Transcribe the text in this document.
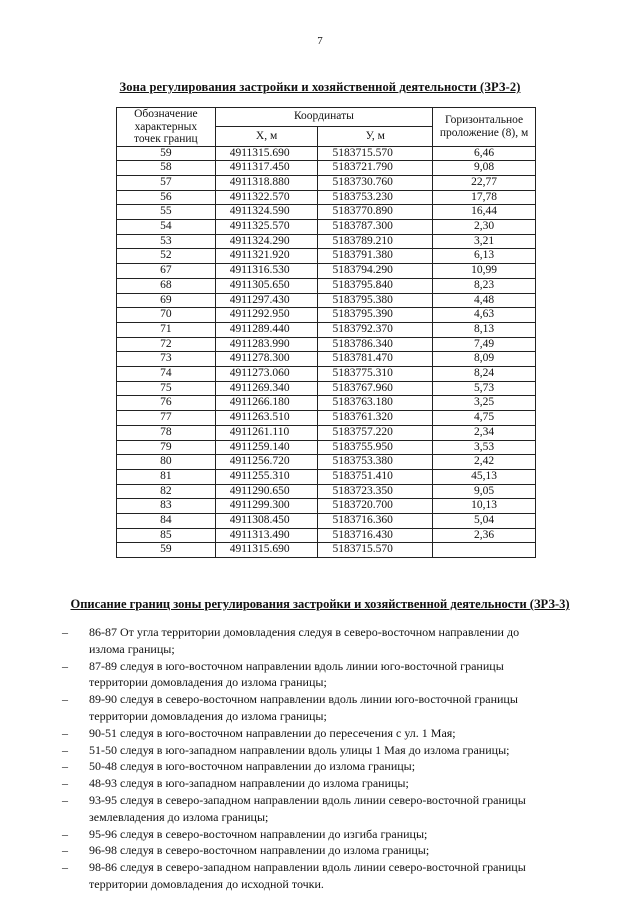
7
Зона регулирования застройки и хозяйственной деятельности (ЗРЗ-2)
Обозначение
характерных
точек границ	Координаты		Горизонтальное
проложение (8), м
	X, м	У, м	
59	4911315.690	5183715.570	6,46
58	4911317.450	5183721.790	9,08
57	4911318.880	5183730.760	22,77
56	4911322.570	5183753.230	17,78
55	4911324.590	5183770.890	16,44
54	4911325.570	5183787.300	2,30
53	4911324.290	5183789.210	3,21
52	4911321.920	5183791.380	6,13
67	4911316.530	5183794.290	10,99
68	4911305.650	5183795.840	8,23
69	4911297.430	5183795.380	4,48
70	4911292.950	5183795.390	4,63
71	4911289.440	5183792.370	8,13
72	4911283.990	5183786.340	7,49
73	4911278.300	5183781.470	8,09
74	4911273.060	5183775.310	8,24
75	4911269.340	5183767.960	5,73
76	4911266.180	5183763.180	3,25
77	4911263.510	5183761.320	4,75
78	4911261.110	5183757.220	2,34
79	4911259.140	5183755.950	3,53
80	4911256.720	5183753.380	2,42
81	4911255.310	5183751.410	45,13
82	4911290.650	5183723.350	9,05
83	4911299.300	5183720.700	10,13
84	4911308.450	5183716.360	5,04
85	4911313.490	5183716.430	2,36
59	4911315.690	5183715.570	
Описание границ зоны регулирования застройки и хозяйственной деятельности (ЗРЗ-3)
– 86-87 От угла территории домовладения следуя в северо-восточном направлении до
излома границы;
– 87-89 следуя в юго-восточном направлении вдоль линии юго-восточной границы
территории домовладения до излома границы;
– 89-90 следуя в северо-восточном направлении вдоль линии юго-восточной границы
территории домовладения до излома границы;
– 90-51 следуя в юго-восточном направлении до пересечения с ул. 1 Мая;
– 51-50 следуя в юго-западном направлении вдоль улицы 1 Мая до излома границы;
– 50-48 следуя в юго-восточном направлении до излома границы;
– 48-93 следуя в юго-западном направлении до излома границы;
– 93-95 следуя в северо-западном направлении вдоль линии северо-восточной границы
землевладения до излома границы;
– 95-96 следуя в северо-восточном направлении до изгиба границы;
– 96-98 следуя в северо-восточном направлении до излома границы;
– 98-86 следуя в северо-западном направлении вдоль линии северо-восточной границы
территории домовладения до исходной точки.
